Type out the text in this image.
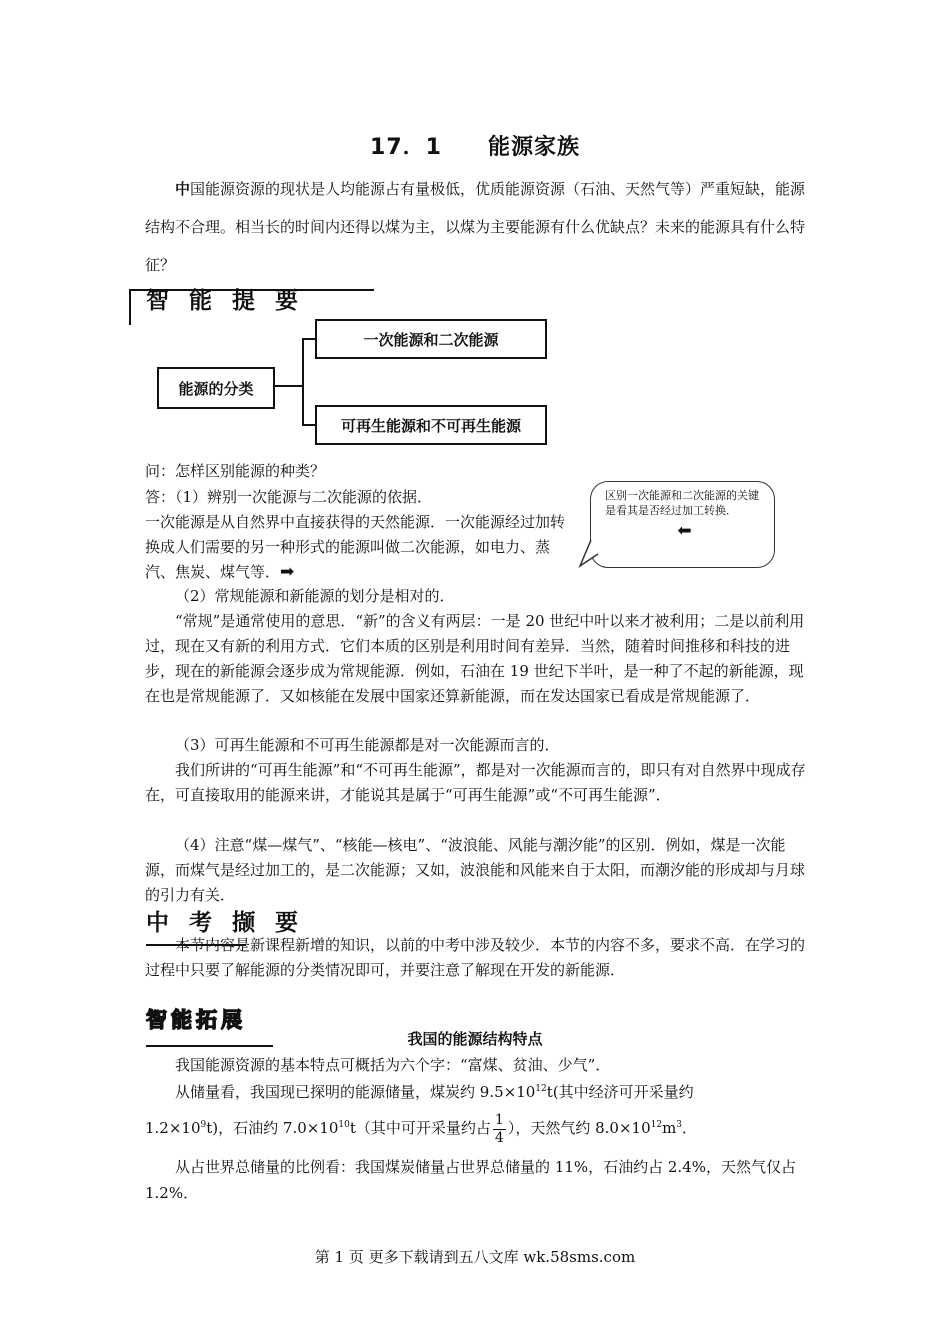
17．1　　能源家族
中国能源资源的现状是人均能源占有量极低，优质能源资源（石油、天然气等）严重短缺，能源结构不合理。相当长的时间内还得以煤为主，以煤为主要能源有什么优缺点？未来的能源具有什么特征？
智 能 提 要
能源的分类
一次能源和二次能源
可再生能源和不可再生能源
问：怎样区别能源的种类？
答：（1）辨别一次能源与二次能源的依据．
一次能源是从自然界中直接获得的天然能源．一次能源经过加转换成人们需要的另一种形式的能源叫做二次能源，如电力、蒸汽、焦炭、煤气等．➡
区别一次能源和二次能源的关键是看其是否经过加工转换．
⬅
（2）常规能源和新能源的划分是相对的．
“常规”是通常使用的意思．“新”的含义有两层：一是 20 世纪中叶以来才被利用；二是以前利用过，现在又有新的利用方式．它们本质的区别是利用时间有差异．当然，随着时间推移和科技的进步，现在的新能源会逐步成为常规能源．例如，石油在 19 世纪下半叶，是一种了不起的新能源，现在也是常规能源了．又如核能在发展中国家还算新能源，而在发达国家已看成是常规能源了．
（3）可再生能源和不可再生能源都是对一次能源而言的．
我们所讲的“可再生能源”和“不可再生能源”，都是对一次能源而言的，即只有对自然界中现成存在，可直接取用的能源来讲，才能说其是属于“可再生能源”或“不可再生能源”．
（4）注意“煤—煤气”、“核能—核电”、“波浪能、风能与潮汐能”的区别．例如，煤是一次能源，而煤气是经过加工的，是二次能源；又如，波浪能和风能来自于太阳，而潮汐能的形成却与月球的引力有关．
中 考 撷 要
本节内容是新课程新增的知识，以前的中考中涉及较少．本节的内容不多，要求不高．在学习的过程中只要了解能源的分类情况即可，并要注意了解现在开发的新能源．
智能拓展
我国的能源结构特点
我国能源资源的基本特点可概括为六个字：“富煤、贫油、少气”．
从储量看，我国现已探明的能源储量，煤炭约 $9.5\times 10^{12}t$(其中经济可开采量约
$1.2\times 10^9t$)，石油约 $7.0\times 10^{10}t$（其中可开采量约占 $\frac{1}{4}$ ），天然气约 $8.0\times 10^{12}m^3$．
从占世界总储量的比例看：我国煤炭储量占世界总储量的 11%，石油约占 2.4%，天然气仅占 1.2%．
第 1 页 更多下载请到五八文库 wk.58sms.com
